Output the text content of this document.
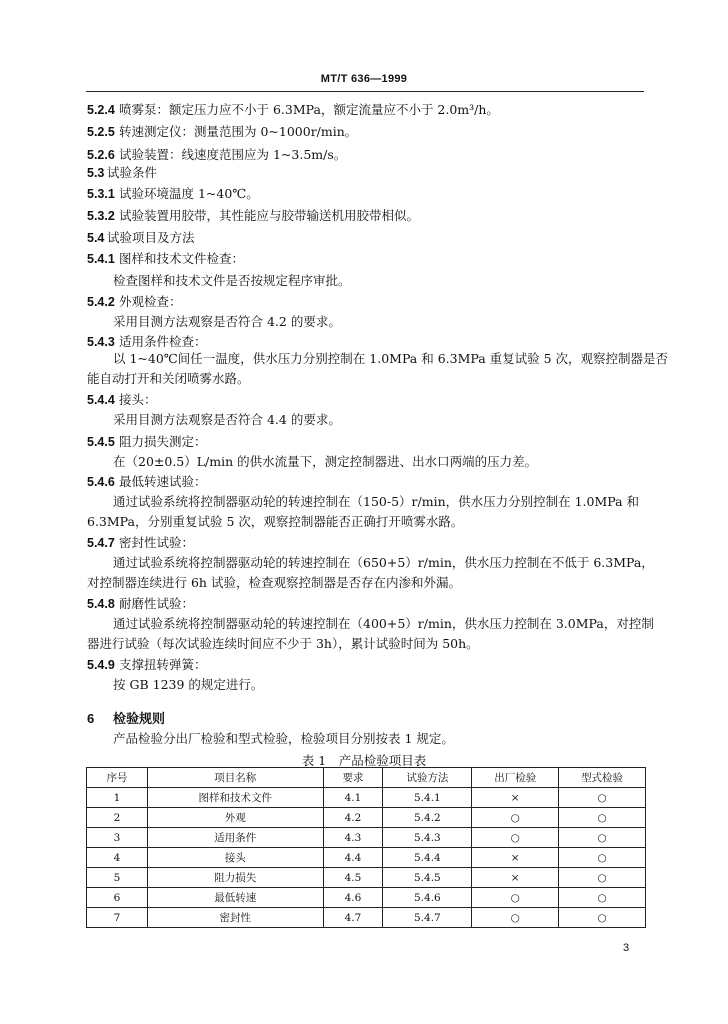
MT/T 636—1999
5.2.4 喷雾泵：额定压力应不小于 6.3MPa，额定流量应不小于 2.0m³/h。
5.2.5 转速测定仪：测量范围为 0~1000r/min。
5.2.6 试验装置：线速度范围应为 1~3.5m/s。
5.3 试验条件
5.3.1 试验环境温度 1~40℃。
5.3.2 试验装置用胶带，其性能应与胶带输送机用胶带相似。
5.4 试验项目及方法
5.4.1 图样和技术文件检查：
检查图样和技术文件是否按规定程序审批。
5.4.2 外观检查：
采用目测方法观察是否符合 4.2 的要求。
5.4.3 适用条件检查：
以 1~40℃间任一温度，供水压力分别控制在 1.0MPa 和 6.3MPa 重复试验 5 次，观察控制器是否
能自动打开和关闭喷雾水路。
5.4.4 接头：
采用目测方法观察是否符合 4.4 的要求。
5.4.5 阻力损失测定：
在（20±0.5）L/min 的供水流量下，测定控制器进、出水口两端的压力差。
5.4.6 最低转速试验：
通过试验系统将控制器驱动轮的转速控制在（150-5）r/min，供水压力分别控制在 1.0MPa 和
6.3MPa，分别重复试验 5 次，观察控制器能否正确打开喷雾水路。
5.4.7 密封性试验：
通过试验系统将控制器驱动轮的转速控制在（650+5）r/min，供水压力控制在不低于 6.3MPa，
对控制器连续进行 6h 试验，检查观察控制器是否存在内渗和外漏。
5.4.8 耐磨性试验：
通过试验系统将控制器驱动轮的转速控制在（400+5）r/min，供水压力控制在 3.0MPa，对控制
器进行试验（每次试验连续时间应不少于 3h），累计试验时间为 50h。
5.4.9 支撑扭转弹簧：
按 GB 1239 的规定进行。
6 检验规则
产品检验分出厂检验和型式检验，检验项目分别按表 1 规定。
表 1　产品检验项目表
序号	项目名称	要求	试验方法	出厂检验	型式检验
1	图样和技术文件	4.1	5.4.1	×	○
2	外观	4.2	5.4.2	○	○
3	适用条件	4.3	5.4.3	○	○
4	接头	4.4	5.4.4	×	○
5	阻力损失	4.5	5.4.5	×	○
6	最低转速	4.6	5.4.6	○	○
7	密封性	4.7	5.4.7	○	○
3
